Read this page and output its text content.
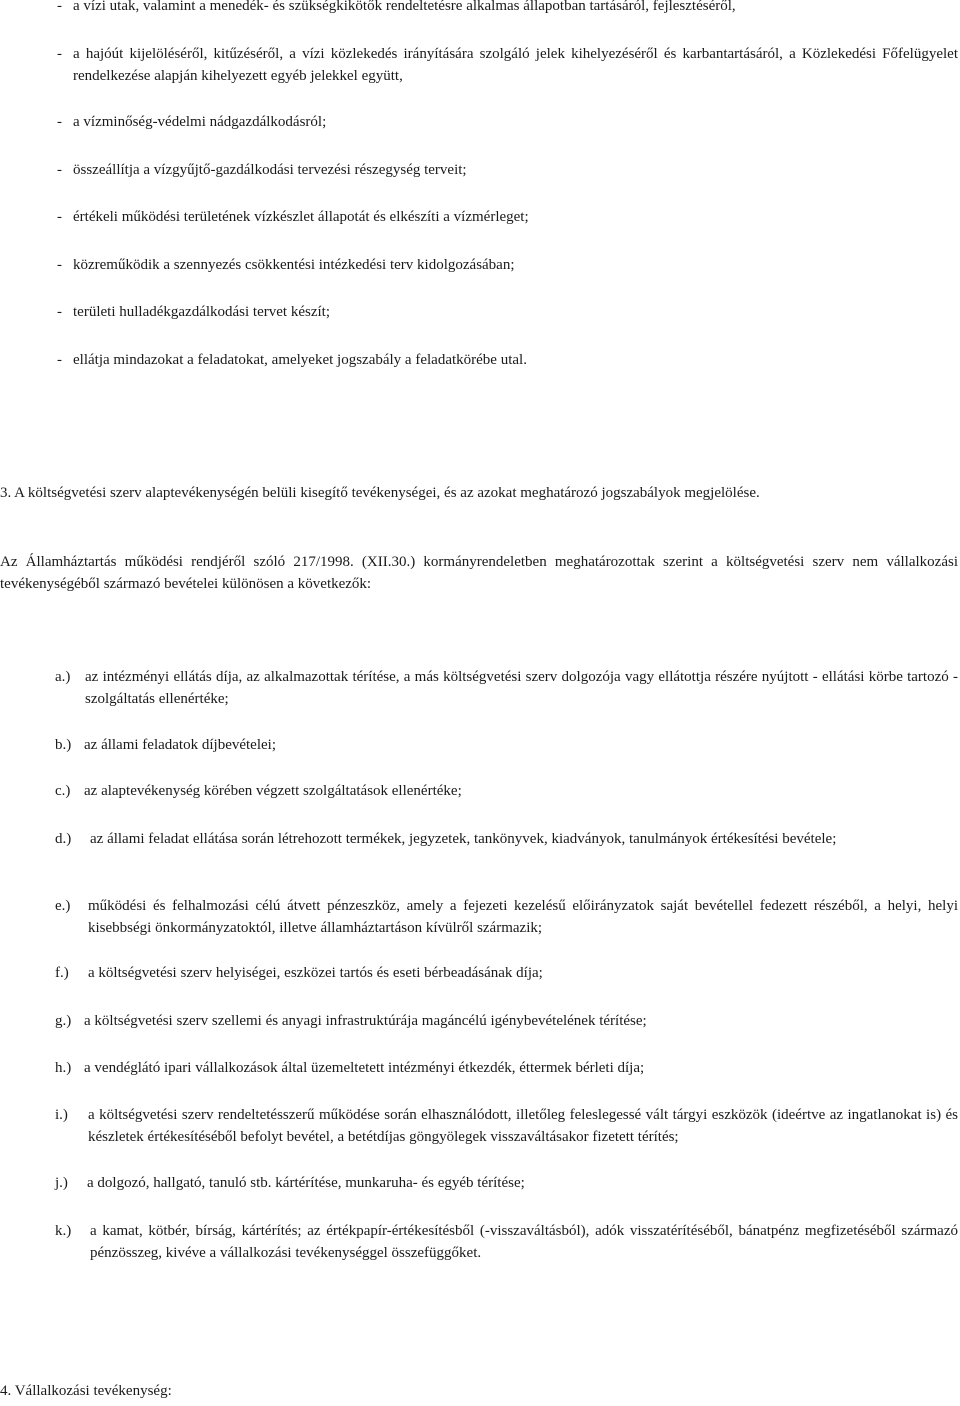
- a vízi utak, valamint a menedék- és szükségkikötők rendeltetésre alkalmas állapotban tartásáról, fejlesztéséről,
- a hajóút kijelöléséről, kitűzéséről, a vízi közlekedés irányítására szolgáló jelek kihelyezéséről és karbantartásáról, a Közlekedési Főfelügyelet rendelkezése alapján kihelyezett egyéb jelekkel együtt,
- a vízminőség-védelmi nádgazdálkodásról;
- összeállítja a vízgyűjtő-gazdálkodási tervezési részegység terveit;
- értékeli működési területének vízkészlet állapotát és elkészíti a vízmérleget;
- közreműködik a szennyezés csökkentési intézkedési terv kidolgozásában;
- területi hulladékgazdálkodási tervet készít;
- ellátja mindazokat a feladatokat, amelyeket jogszabály a feladatkörébe utal.
3. A költségvetési szerv alaptevékenységén belüli kisegítő tevékenységei, és az azokat meghatározó jogszabályok megjelölése.
Az Államháztartás működési rendjéről szóló 217/1998. (XII.30.) kormányrendeletben meghatározottak szerint a költségvetési szerv nem vállalkozási tevékenységéből származó bevételei különösen a következők:
a.) az intézményi ellátás díja, az alkalmazottak térítése, a más költségvetési szerv dolgozója vagy ellátottja részére nyújtott - ellátási körbe tartozó - szolgáltatás ellenértéke;
b.) az állami feladatok díjbevételei;
c.) az alaptevékenység körében végzett szolgáltatások ellenértéke;
d.) az állami feladat ellátása során létrehozott termékek, jegyzetek, tankönyvek, kiadványok, tanulmányok értékesítési bevétele;
e.) működési és felhalmozási célú átvett pénzeszköz, amely a fejezeti kezelésű előirányzatok saját bevétellel fedezett részéből, a helyi, helyi kisebbségi önkormányzatoktól, illetve államháztartáson kívülről származik;
f.) a költségvetési szerv helyiségei, eszközei tartós és eseti bérbeadásának díja;
g.) a költségvetési szerv szellemi és anyagi infrastruktúrája magáncélú igénybevételének térítése;
h.) a vendéglátó ipari vállalkozások által üzemeltetett intézményi étkezdék, éttermek bérleti díja;
i.) a költségvetési szerv rendeltetésszerű működése során elhasználódott, illetőleg feleslegessé vált tárgyi eszközök (ideértve az ingatlanokat is) és készletek értékesítéséből befolyt bevétel, a betétdíjas göngyölegek visszaváltásakor fizetett térítés;
j.) a dolgozó, hallgató, tanuló stb. kártérítése, munkaruha- és egyéb térítése;
k.) a kamat, kötbér, bírság, kártérítés; az értékpapír-értékesítésből (-visszaváltásból), adók visszatérítéséből, bánatpénz megfizetéséből származó pénzösszeg, kivéve a vállalkozási tevékenységgel összefüggőket.
4. Vállalkozási tevékenység:
